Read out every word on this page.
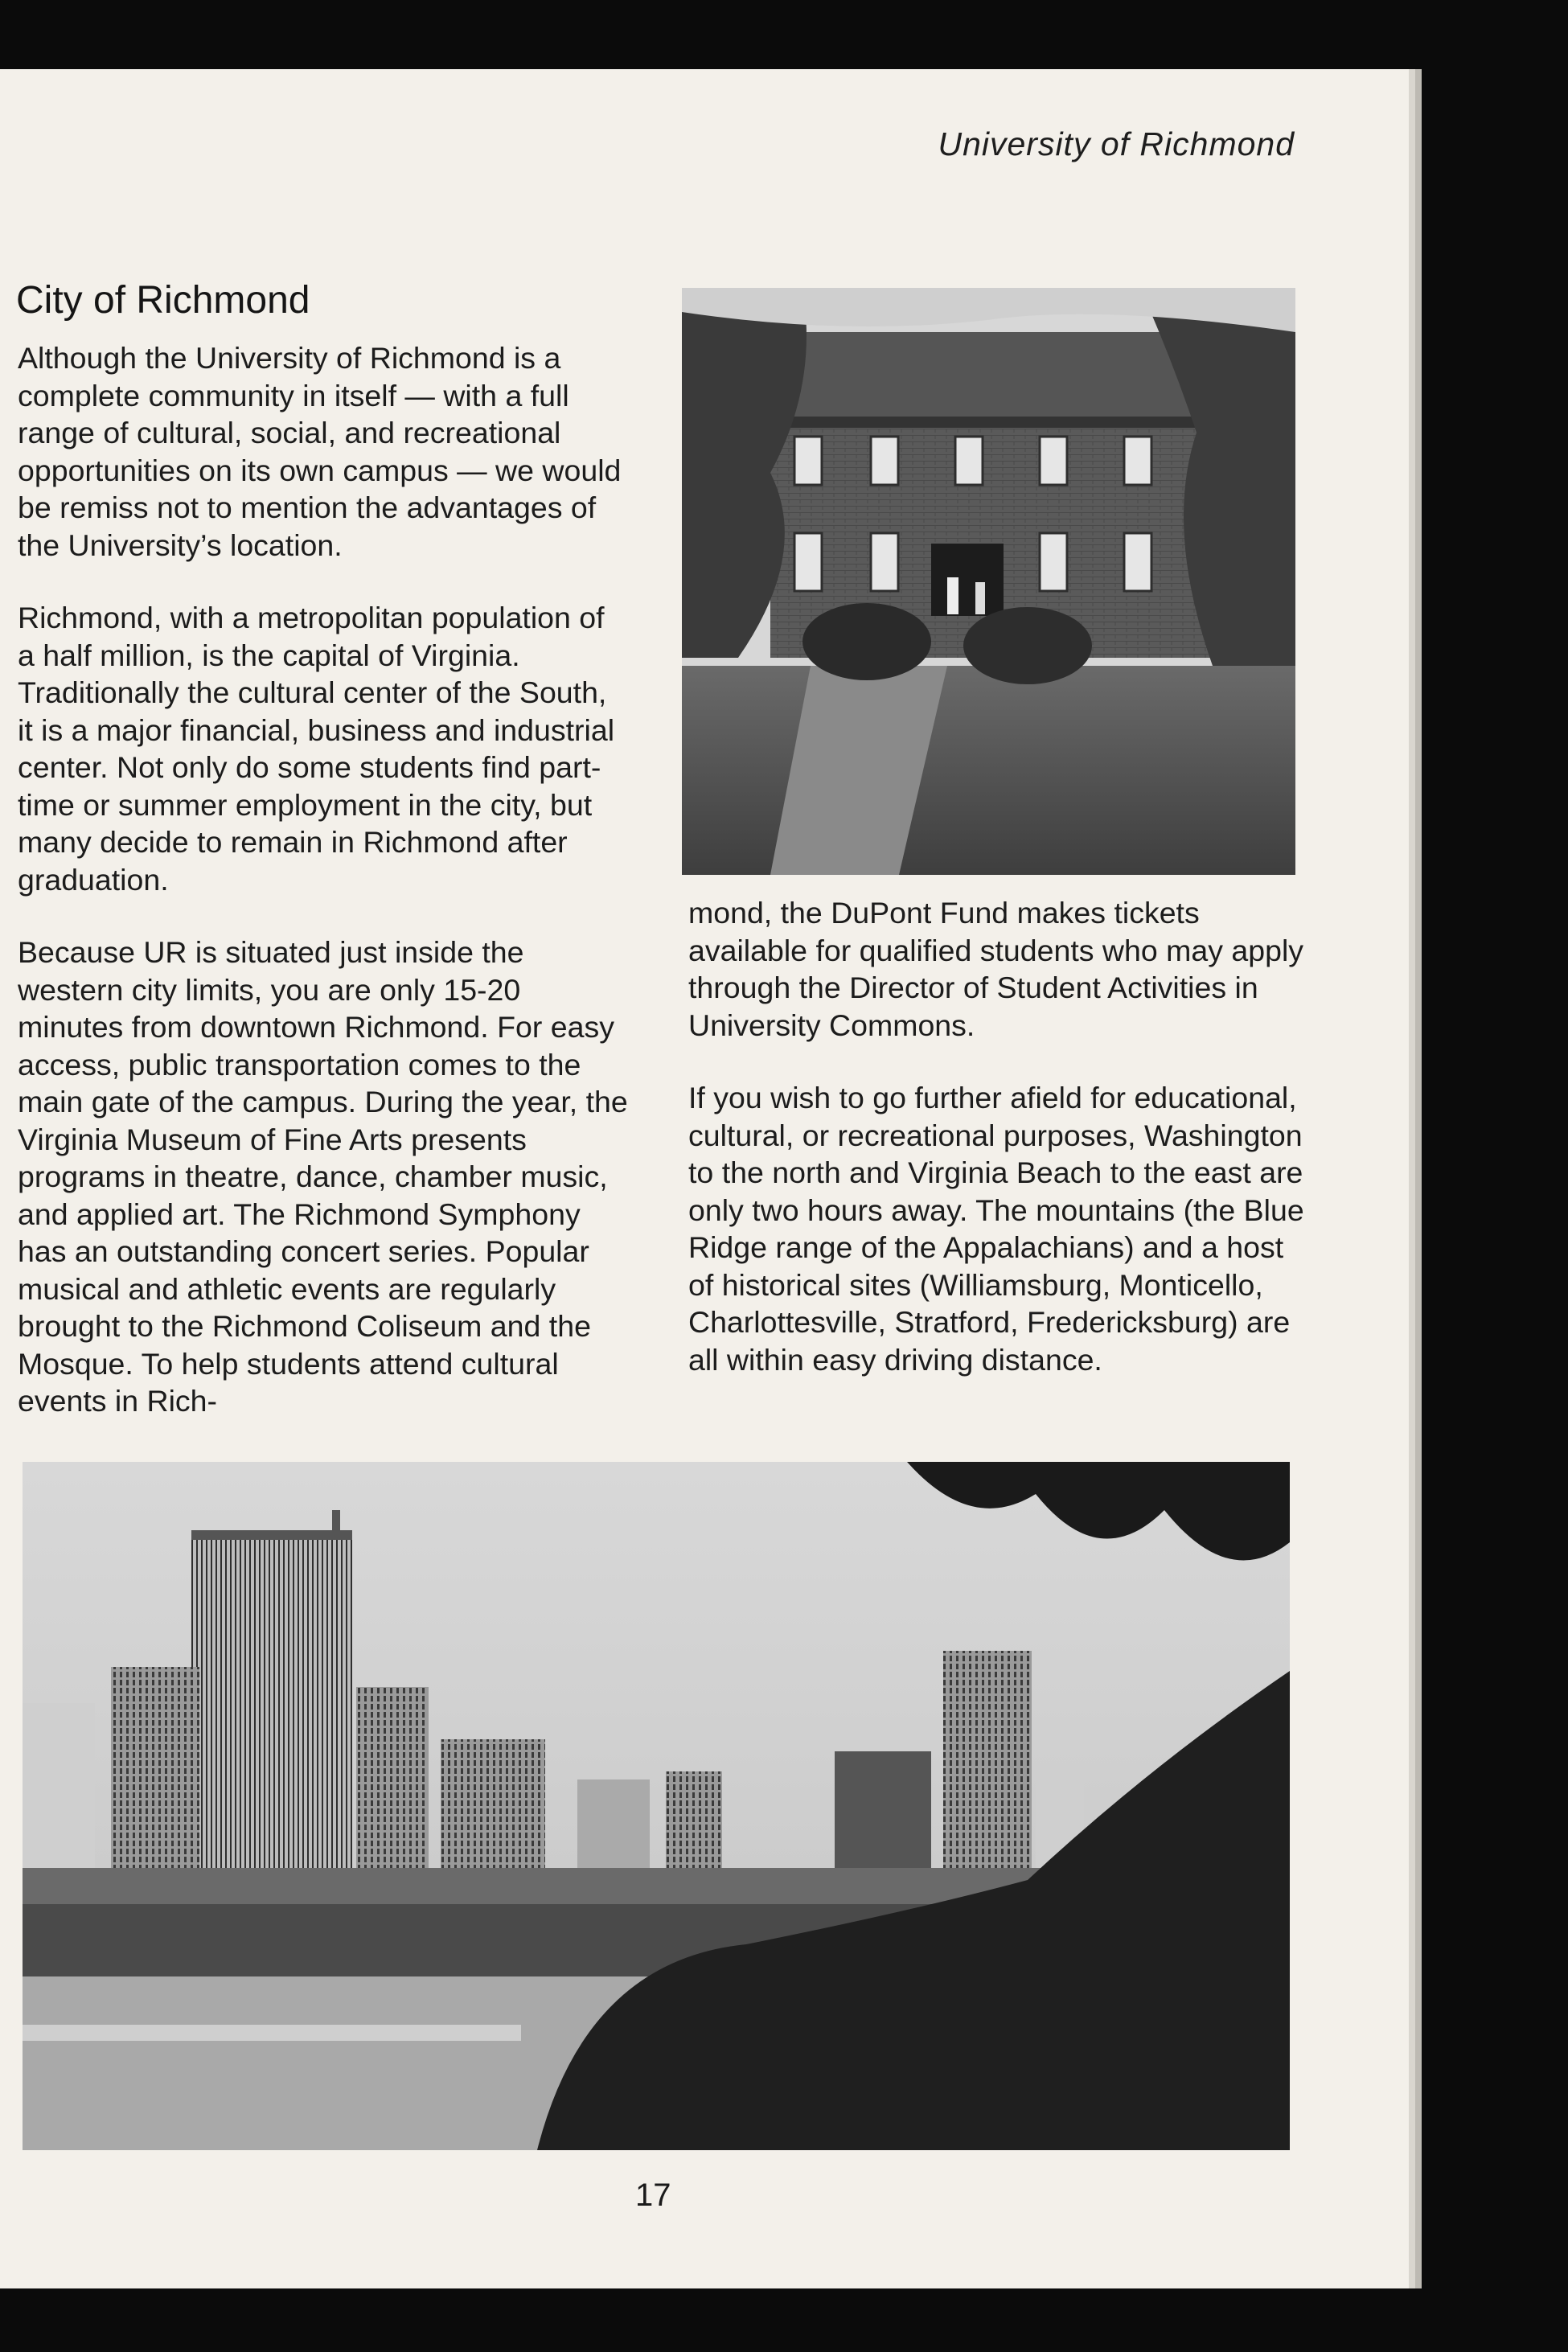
University of Richmond
City of Richmond

Although the University of Richmond is a complete community in itself — with a full range of cultural, social, and recreational opportunities on its own campus — we would be remiss not to mention the advantages of the University’s location.

Richmond, with a metropolitan population of a half million, is the capital of Virginia. Traditionally the cultural center of the South, it is a major financial, business and industrial center. Not only do some students find part-time or summer employment in the city, but many decide to remain in Richmond after graduation.

Because UR is situated just inside the western city limits, you are only 15-20 minutes from downtown Richmond. For easy access, public transportation comes to the main gate of the campus. During the year, the Virginia Museum of Fine Arts presents programs in theatre, dance, chamber music, and applied art. The Richmond Symphony has an outstanding concert series. Popular musical and athletic events are regularly brought to the Richmond Coliseum and the Mosque. To help students attend cultural events in Rich-

mond, the DuPont Fund makes tickets available for qualified students who may apply through the Director of Student Activities in University Commons.

If you wish to go further afield for educational, cultural, or recreational purposes, Washington to the north and Virginia Beach to the east are only two hours away. The mountains (the Blue Ridge range of the Appalachians) and a host of historical sites (Williamsburg, Monticello, Charlottesville, Stratford, Fredericksburg) are all within easy driving distance.

17
